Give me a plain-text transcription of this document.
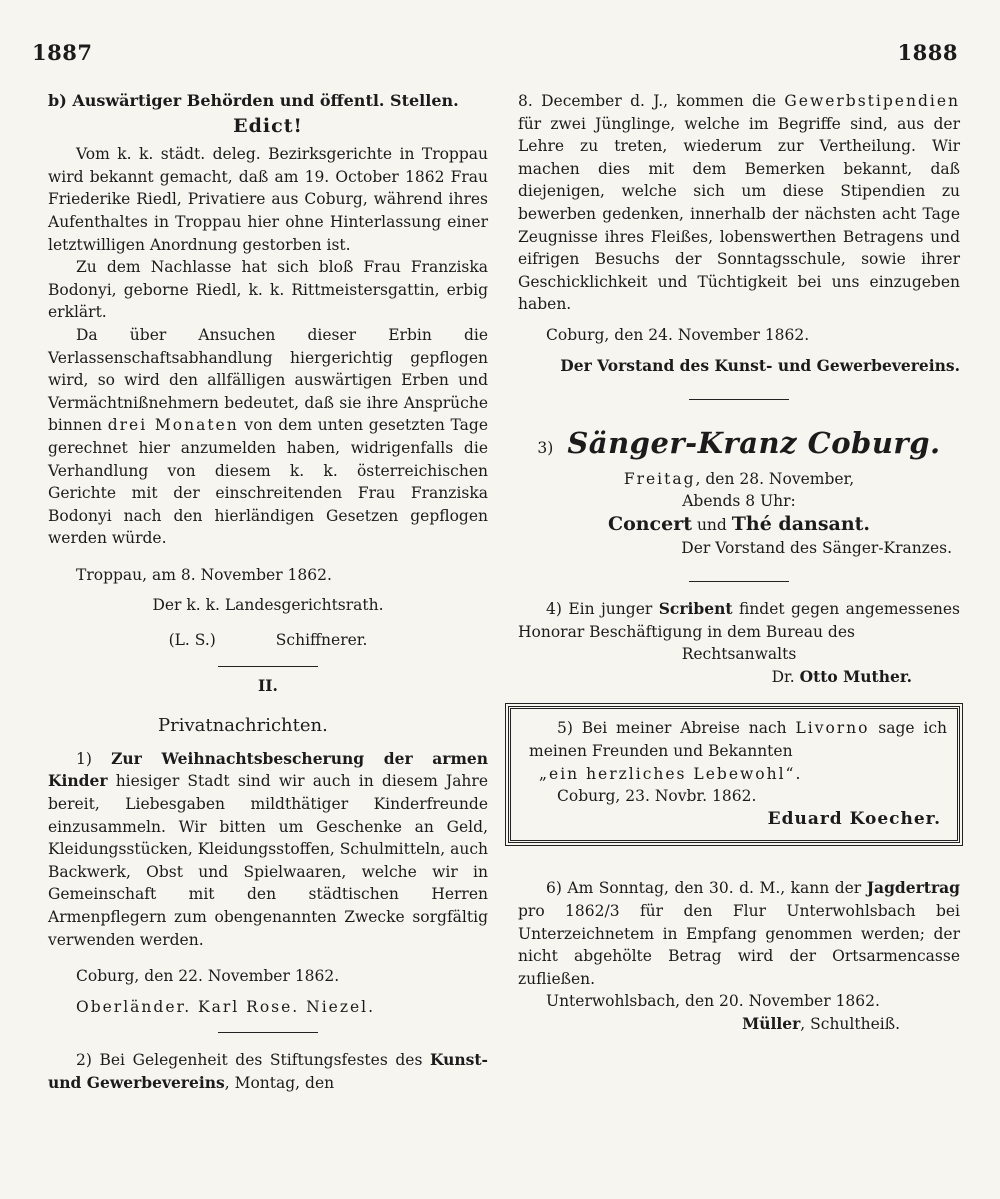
1887	1888

b) Auswärtiger Behörden und öffentl. Stellen.

Edict!

Vom k. k. städt. deleg. Bezirksgerichte in Troppau wird bekannt gemacht, daß am 19. October 1862 Frau Friederike Riedl, Privatiere aus Coburg, während ihres Aufenthaltes in Troppau hier ohne Hinterlassung einer letztwilligen Anordnung gestorben ist.

Zu dem Nachlasse hat sich bloß Frau Franziska Bodonyi, geborne Riedl, k. k. Rittmeistersgattin, erbig erklärt.

Da über Ansuchen dieser Erbin die Verlassenschaftsabhandlung hiergerichtig gepflogen wird, so wird den allfälligen auswärtigen Erben und Vermächtnißnehmern bedeutet, daß sie ihre Ansprüche binnen drei Monaten von dem unten gesetzten Tage gerechnet hier anzumelden haben, widrigenfalls die Verhandlung von diesem k. k. österreichischen Gerichte mit der einschreitenden Frau Franziska Bodonyi nach den hierländigen Gesetzen gepflogen werden würde.

Troppau, am 8. November 1862.

Der k. k. Landesgerichtsrath.

(L. S.)	Schiffnerer.

II.

Privatnachrichten.

1) Zur Weihnachtsbescherung der armen Kinder hiesiger Stadt sind wir auch in diesem Jahre bereit, Liebesgaben mildthätiger Kinderfreunde einzusammeln. Wir bitten um Geschenke an Geld, Kleidungsstücken, Kleidungsstoffen, Schulmitteln, auch Backwerk, Obst und Spielwaaren, welche wir in Gemeinschaft mit den städtischen Herren Armenpflegern zum obengenannten Zwecke sorgfältig verwenden werden.

Coburg, den 22. November 1862.

Oberländer. Karl Rose. Niezel.

2) Bei Gelegenheit des Stiftungsfestes des Kunst- und Gewerbevereins, Montag, den

8. December d. J., kommen die Gewerbstipendien für zwei Jünglinge, welche im Begriffe sind, aus der Lehre zu treten, wiederum zur Vertheilung. Wir machen dies mit dem Bemerken bekannt, daß diejenigen, welche sich um diese Stipendien zu bewerben gedenken, innerhalb der nächsten acht Tage Zeugnisse ihres Fleißes, lobenswerthen Betragens und eifrigen Besuchs der Sonntagsschule, sowie ihrer Geschicklichkeit und Tüchtigkeit bei uns einzugeben haben.

Coburg, den 24. November 1862.

Der Vorstand des Kunst- und Gewerbevereins.

3) Sänger-Kranz Coburg.

Freitag, den 28. November,

Abends 8 Uhr:

Concert und Thé dansant.

Der Vorstand des Sänger-Kranzes.

4) Ein junger Scribent findet gegen angemessenes Honorar Beschäftigung in dem Bureau des

Rechtsanwalts

Dr. Otto Muther.

5) Bei meiner Abreise nach Livorno sage ich meinen Freunden und Bekannten

„ein herzliches Lebewohl“.

Coburg, 23. Novbr. 1862.

Eduard Koecher.

6) Am Sonntag, den 30. d. M., kann der Jagdertrag pro 1862/3 für den Flur Unterwohlsbach bei Unterzeichnetem in Empfang genommen werden; der nicht abgehölte Betrag wird der Ortsarmencasse zufließen.

Unterwohlsbach, den 20. November 1862.

Müller, Schultheiß.
